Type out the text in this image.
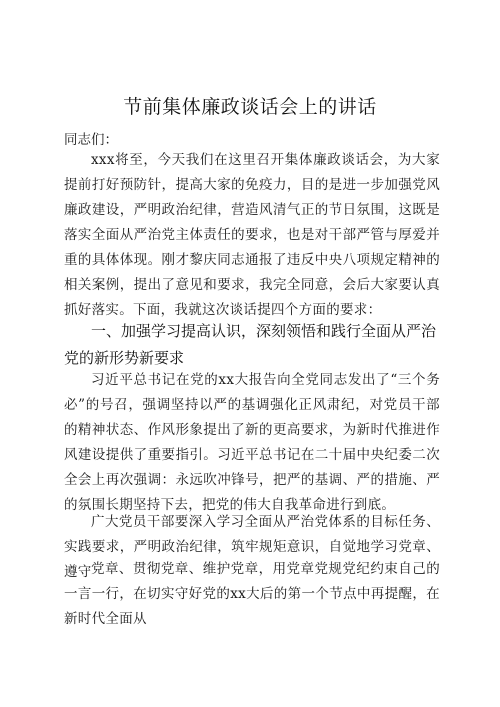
节前集体廉政谈话会上的讲话
同志们：
xxx将至，今天我们在这里召开集体廉政谈话会，为大家提前打好预防针，提高大家的免疫力，目的是进一步加强党风廉政建设，严明政治纪律，营造风清气正的节日氛围，这既是落实全面从严治党主体责任的要求，也是对干部严管与厚爱并重的具体体现。刚才黎庆同志通报了违反中央八项规定精神的相关案例，提出了意见和要求，我完全同意，会后大家要认真抓好落实。下面，我就这次谈话提四个方面的要求：
一、加强学习提高认识，深刻领悟和践行全面从严治党的新形势新要求
习近平总书记在党的xx大报告向全党同志发出了“三个务必”的号召，强调坚持以严的基调强化正风肃纪，对党员干部的精神状态、作风形象提出了新的更高要求，为新时代推进作风建设提供了重要指引。习近平总书记在二十届中央纪委二次全会上再次强调：永远吹冲锋号，把严的基调、严的措施、严的氛围长期坚持下去，把党的伟大自我革命进行到底。
广大党员干部要深入学习全面从严治党体系的目标任务、实践要求，严明政治纪律，筑牢规矩意识，自觉地学习党章、遵守 党章、贯彻党章、维护党章，用党章党规党纪约束自己的一言一行，在切实守好党的xx大后的第一个节点中再提醒，在新时代全面从
